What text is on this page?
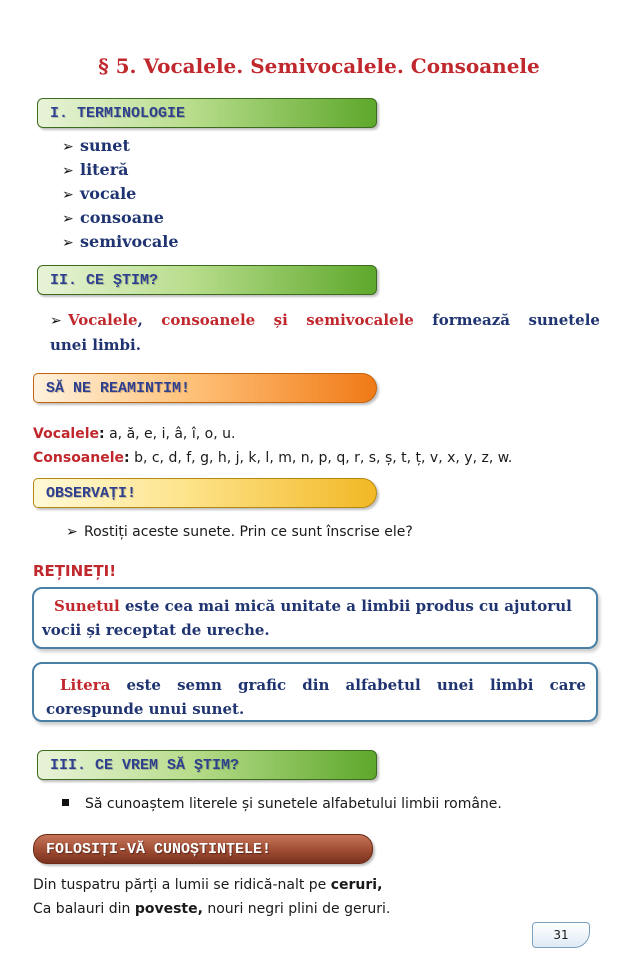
§ 5. Vocalele. Semivocalele. Consoanele
I. TERMINOLOGIE
➢ sunet
➢ literă
➢ vocale
➢ consoane
➢ semivocale
II. CE ŞTIM?
➢ Vocalele, consoanele și semivocalele formează sunetele
unei limbi.
SĂ NE REAMINTIM!
Vocalele: a, ă, e, i, â, î, o, u.
Consoanele: b, c, d, f, g, h, j, k, l, m, n, p, q, r, s, ș, t, ț, v, x, y, z, w.
OBSERVAȚI!
➢ Rostiți aceste sunete. Prin ce sunt înscrise ele?
REȚINEȚI!
Sunetul este cea mai mică unitate a limbii produs cu ajutorul
vocii și receptat de ureche.
Litera este semn grafic din alfabetul unei limbi care
corespunde unui sunet.
III. CE VREM SĂ ŞTIM?
Să cunoaștem literele și sunetele alfabetului limbii române.
FOLOSIȚI-VĂ CUNOȘTINȚELE!
Din tuspatru părți a lumii se ridică-nalt pe ceruri,
Ca balauri din poveste, nouri negri plini de geruri.
31
